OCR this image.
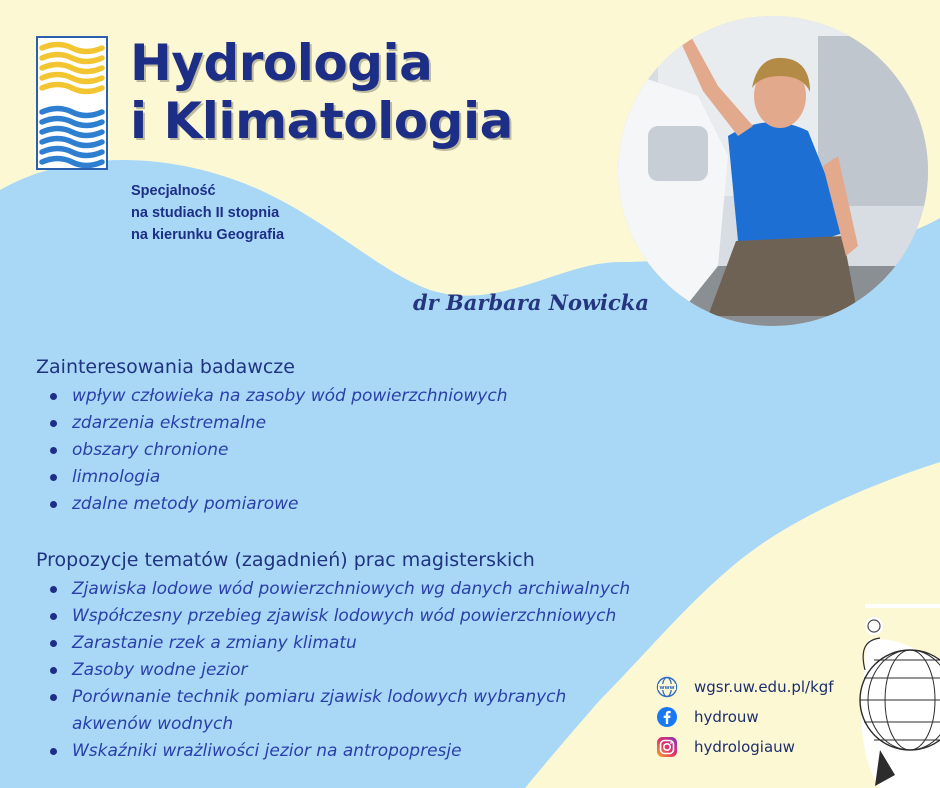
Hydrologia
i Klimatologia
Specjalność
na studiach II stopnia
na kierunku Geografia
dr Barbara Nowicka
Zainteresowania badawcze
wpływ człowieka na zasoby wód powierzchniowych
zdarzenia ekstremalne
obszary chronione
limnologia
zdalne metody pomiarowe
Propozycje tematów (zagadnień) prac magisterskich
Zjawiska lodowe wód powierzchniowych wg danych archiwalnych
Współczesny przebieg zjawisk lodowych wód powierzchniowych
Zarastanie rzek a zmiany klimatu
Zasoby wodne jezior
Porównanie technik pomiaru zjawisk lodowych wybranych
akwenów wodnych
Wskaźniki wrażliwości jezior na antropopresje
www wgsr.uw.edu.pl/kgf
hydrouw
hydrologiauw
